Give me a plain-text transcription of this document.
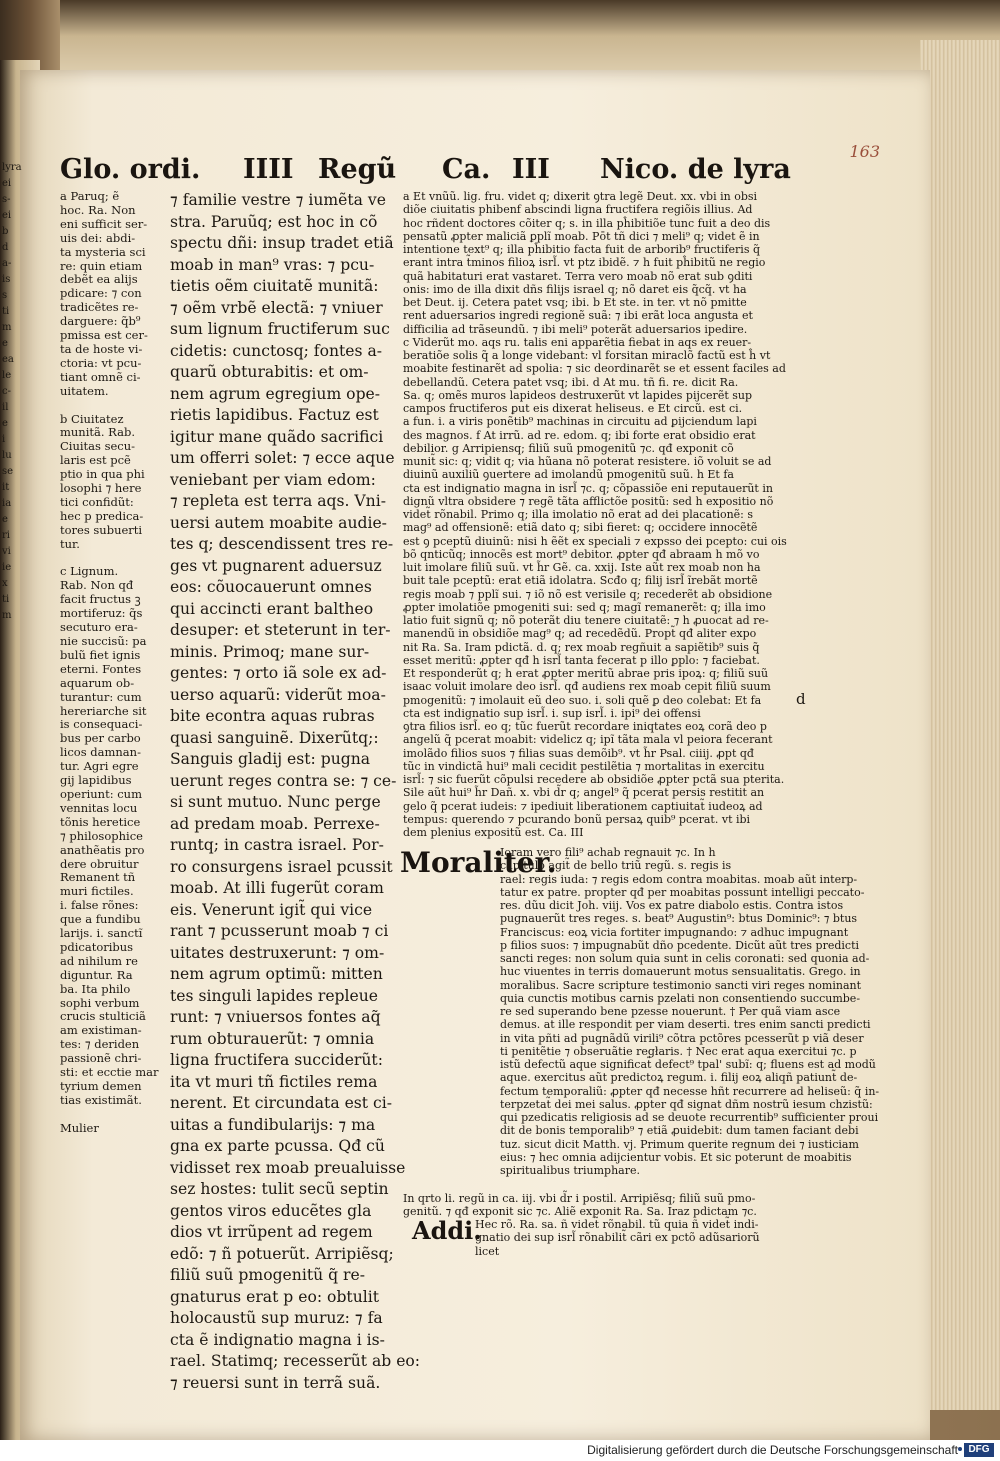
lyra

ei

s-

ei

b

d

a-

is

s

ti

m

e

ea

le

c-

il

e

i

lu

se

it

ia

e

ri

vi

ie

x

ti

m

163
Glo. ordi. IIII Regũ Ca. III Nico. de lyra

a Paruq; ẽ

hoc. Ra. Non

eni sufficit ser-

uis dei: abdi-

ta mysteria sci

re: quin etiam

debẽt ea alijs

pdicare: ⁊ con

tradicẽtes re-

darguere: q̃b⁹

pmissa est cer-

ta de hoste vi-

ctoria: vt pcu-

tiant omnẽ ci-

uitatem.

b Ciuitatez

munitã. Rab.

Ciuitas secu-

laris est pcẽ

ptio in qua phi

losophi ⁊ here

tici confidũt:

hec p predica-

tores subuerti

tur.

c Lignum.

Rab. Non qđ

facit fructus ꝫ

mortiferuz: q̃s

secuturo era-

nie succisũ: pa

bulũ fiet ignis

eterni. Fontes

aquarum ob-

turantur: cum

hereriarche sit

is consequaci-

bus per carbo

licos damnan-

tur. Agri egre

gij lapidibus

operiunt: cum

vennitas locu

tõnis heretice

⁊ philosophice

anathẽatis pro

dere obruitur

Remanent tñ

muri fictiles.

i. false rõnes:

que a fundibu

larijs. i. sanctĩ

pdicatoribus

ad nihilum re

diguntur. Ra

ba. Ita philo

sophi verbum

crucis stulticiã

am existiman-

tes: ⁊ deriden

passionẽ chri-

sti: et ecctie mar

tyrium demen

tias existimãt.

Mulier

⁊ familie vestre ⁊ iumẽta ve

stra. Paruũq; est hoc in cõ

spectu dñi: insup tradet etiã

moab in man⁹ vras: ⁊ pcu-

tietis oẽm ciuitatẽ munitã:

⁊ oẽm vrbẽ electã: ⁊ vniuer

sum lignum fructiferum suc

cidetis: cunctosq; fontes a-

quarũ obturabitis: et om-

nem agrum egregium ope-

rietis lapidibus. Factuz est

igitur mane quãdo sacrifici

um offerri solet: ⁊ ecce aque

veniebant per viam edom:

⁊ repleta est terra aqs. Vni-

uersi autem moabite audie-

tes q; descendissent tres re-

ges vt pugnarent aduersuz

eos: cõuocauerunt omnes

qui accincti erant baltheo

desuper: et steterunt in ter-

minis. Primoq; mane sur-

gentes: ⁊ orto iã sole ex ad-

uerso aquarũ: viderũt moa-

bite econtra aquas rubras

quasi sanguinẽ. Dixerũtq;:

Sanguis gladij est: pugna

uerunt reges contra se: ⁊ ce-

si sunt mutuo. Nunc perge

ad predam moab. Perrexe-

runtq; in castra israel. Por-

ro consurgens israel pcussit

moab. At illi fugerũt coram

eis. Venerunt igit̃ qui vice

rant ⁊ pcusserunt moab ⁊ ci

uitates destruxerunt: ⁊ om-

nem agrum optimũ: mitten

tes singuli lapides repleue

runt: ⁊ vniuersos fontes aq̃

rum obturauerũt: ⁊ omnia

ligna fructifera succiderũt:

ita vt muri tñ fictiles rema

nerent. Et circundata est ci-

uitas a fundibularijs: ⁊ ma

gna ex parte pcussa. Qđ cũ

vidisset rex moab preualuisse

sez hostes: tulit secũ septin

gentos viros educẽtes gla

dios vt irrũpent ad regem

edõ: ⁊ ñ potuerũt. Arripiẽsq;

filiũ suũ pmogenitũ q̃ re-

gnaturus erat p eo: obtulit

holocaustũ sup muruz: ⁊ fa

cta ẽ indignatio magna i is-

rael. Statimq; recesserũt ab eo:

⁊ reuersi sunt in terrã suã.

a Et vnũũ. lig. fru. videt q; dixerit ꝯtra legẽ Deut. xx. vbi in obsi

diõe ciuitatis phibenf abscindi ligna fructifera regiõis illius. Ad

hoc rñdent doctores cõiter q; s. in illa pĥibitiõe tunc fuit a deo dis

pensatũ ꝓpter maliciã ꝑplĩ moab. Pōt tñ dici ⁊ meli⁹ q; videt ẽ in

intentione text⁹ q; illa pĥibitio facta fuit de arborib⁹ fructiferis q̃

erant intra t̃minos filioꝝ isrl̃. vt ptz ibidẽ. ⁊ h fuit pĥibitũ ne regio

quã habitaturi erat vastaret. Terra vero moab nõ erat sub ꝯditi

onis: imo de illa dixit dñs filijs israel q; nõ daret eis q̃cq̃. vt ha

bet Deut. ij. Cetera patet vsq; ibi. b Et ste. in ter. vt nõ pmitte

rent aduersarios ingredi regionẽ suã: ⁊ ibi erãt loca angusta et

difficilia ad trãseundũ. ⁊ ibi meli⁹ poterãt aduersarios ipedire.

c Viderũt mo. aqs ru. talis eni apparẽtia fiebat in aqs ex reuer-

beratiõe solis q̃ a longe videbant: vl forsitan miraclõ factũ est ĥ vt

moabite festinarẽt ad spolia: ⁊ sic deordinarẽt se et essent faciles ad

debellandũ. Cetera patet vsq; ibi. d At mu. tñ fi. re. dicit Ra.

Sa. q; omẽs muros lapideos destruxerũt vt lapides pijcerẽt sup

campos fructiferos ꝑut eis dixerat heliseus. e Et circũ. est ci.

a fun. i. a viris ponẽtib⁹ machinas in circuitu ad ꝑijciendum lapi

des magnos. f At irrũ. ad re. edom. q; ibi forte erat obsidio erat

debilior. g Arripiensq; filiũ suũ pmogenitũ ⁊c. qđ exponit cõ

munit̃ sic: q; vidit q; via hũana nõ poterat resistere. iõ voluit se ad

diuinũ auxiliũ ꝯuertere ad imolandũ pmogenitũ suũ. h Et fa

cta est indignatio magna in isrl̃ ⁊c. q; cõpassiõe eni reputauerũt in

dignũ vltra obsidere ⁊ regẽ tãta afflictõe positũ: sed h expositio nõ

videt̃ rõnabil. Primo q; illa imolatio nõ erat ad dei placationẽ: s

mag⁹ ad offensionẽ: etiã dato q; sibi fieret: q; occidere innocẽtẽ

est ꝯ pceptũ diuinũ: nisi h ẽẽt ex speciali ⁊ expsso dei pcepto: cui ois

bõ qnticũq; innocẽs est mort⁹ debitor. ꝓpter qđ abraam h mõ vo

luit imolare filiũ suũ. vt h̃r Gẽ. ca. xxij. Iste aũt rex moab non ha

buit tale pceptũ: erat etiã idolatra. Scđo q; filij isrl̃ ĩrebãt mortẽ

regis moab ⁊ pplĩ sui. ⁊ iõ nõ est verisile q; recederẽt ab obsidione

ꝓpter imolatiõe pmogeniti sui: sed q; magĩ remanerẽt: q; illa imo

latio fuit signũ q; nõ poterãt diu tenere ciuitatẽ: ⁊ h ꝓuocat ad re-

manendũ in obsidiõe mag⁹ q; ad recedẽdũ. Propt̃ qđ aliter expo

nit Ra. Sa. Iram pdictã. d. q; rex moab regñuit a sapiẽtib⁹ suis q̃

esset meritũ: ꝓpter qđ h isrl̃ tanta fecerat p illo ꝑplo: ⁊ faciebat.

Et responderũt q; h erat ꝓpter meritũ abrae pris ipoꝝ: q; filiũ suũ

isaac voluit imolare deo isrl̃. qđ audiens rex moab cepit filiũ suum

pmogenitũ: ⁊ imolauit eũ deo suo. i. soli quẽ ꝑ deo colebat: Et fa

cta est indignatio sup isrl̃. i. sup isrl̃. i. ipi⁹ dei offensi

ꝯtra filios isrl̃. eo q; tũc fuerũt recordare iniqtates eoꝝ corã deo p

angelũ q̃ pcerat moabit: videlicz q; ipĩ tãta mala vl peiora fecerant

imolãdo filios suos ⁊ filias suas demõib⁹. vt h̃r Psal. ciiij. ꝓpt qđ

tũc in vindictã hui⁹ mali cecidit pestilẽtia ⁊ mortalitas in exercitu

isrl̃: ⁊ sic fuerũt cõpulsi recedere ab obsidiõe ꝓpter pctã sua pterita.

Sile aũt hui⁹ h̃r Dañ. x. vbi d̃r q; angel⁹ q̃ pcerat persis restitit an

gelo q̃ pcerat iudeis: ⁊ ipediuit liberationem captiuitat̃ iudeoꝝ ad

tempus: querendo ⁊ pcurando bonũ persaꝝ quib⁹ pcerat. vt ibi

dem plenius expositũ est. Ca. III

d
Moraliter.

Ioram vero fili⁹ achab regnauit ⁊c. In h

capitulo agit̃ de bello triũ regũ. s. regis is

rael: regis iuda: ⁊ regis edom contra moabitas. moab aũt interp-

tatur ex patre. propter qđ per moabitas possunt intelligi peccato-

res. dũu dicit Joh. viij. Vos ex patre diabolo estis. Contra istos

pugnauerũt tres reges. s. beat⁹ Augustin⁹: btus Dominic⁹: ⁊ btus

Franciscus: eoꝝ vicia fortiter impugnando: ⁊ adhuc impugnant

p filios suos: ⁊ impugnabũt dño pcedente. Dicũt aũt tres predicti

sancti reges: non solum quia sunt in celis coronati: sed quonia ad-

huc viuentes in terris domauerunt motus sensualitatis. Grego. in

moralibus. Sacre scripture testimonio sancti viri reges nominant

quia cunctis motibus carnis pzelati non consentiendo succumbe-

re sed superando bene pzesse nouerunt. † Per quã viam asce

demus. at ille respondit per viam deserti. tres enim sancti predicti

in vita pñti ad pugnãdũ virili⁹ cõtra pctõres pcesserũt p viã deser

ti penitẽtie ⁊ obseruãtie regłaris. † Nec erat aqua exercitui ⁊c. p

istũ defectũ aque significat̃ defect⁹ tpal' subĩ: q; fluens est ad modũ

aque. exercitus aũt predictoꝝ regum. i. filij eoꝝ aliqñ patiunt̃ de-

fectum temporaliũ: ꝓpter qđ necesse hñt recurrere ad heliseũ: q̃ in-

terpzetat̃ dei mei salus. ꝓpter qđ signat dñm nostrũ iesum chzistũ:

qui pzedicatis religiosis ad se deuote recurrentib⁹ sufficienter proui

dit de bonis temporalib⁹ ⁊ etiã ꝓuidebit: dum tamen faciant debi

tuz. sicut dicit Matth. vj. Primum querite regnum dei ⁊ iusticiam

eius: ⁊ hec omnia adijcientur vobis. Et sic poterunt de moabitis

spiritualibus triumphare.

In qrto li. regũ in ca. iij. vbi d̃r i postil. Arripiẽsq; filiũ suũ pmo-

genitũ. ⁊ qđ exponit sic ⁊c. Aliẽ exponit Ra. Sa. Iraz pdictam ⁊c.

Addi.

Hec rõ. Ra. sa. ñ videt̃ rõnabil. tũ quia ñ videt̃ indi-

gnatio dei sup isrl̃ rõnabilit̃ cãri ex pctõ adũsariorũ

licet

Digitalisierung gefördert durch die Deutsche Forschungsgemeinschaft	DFG
